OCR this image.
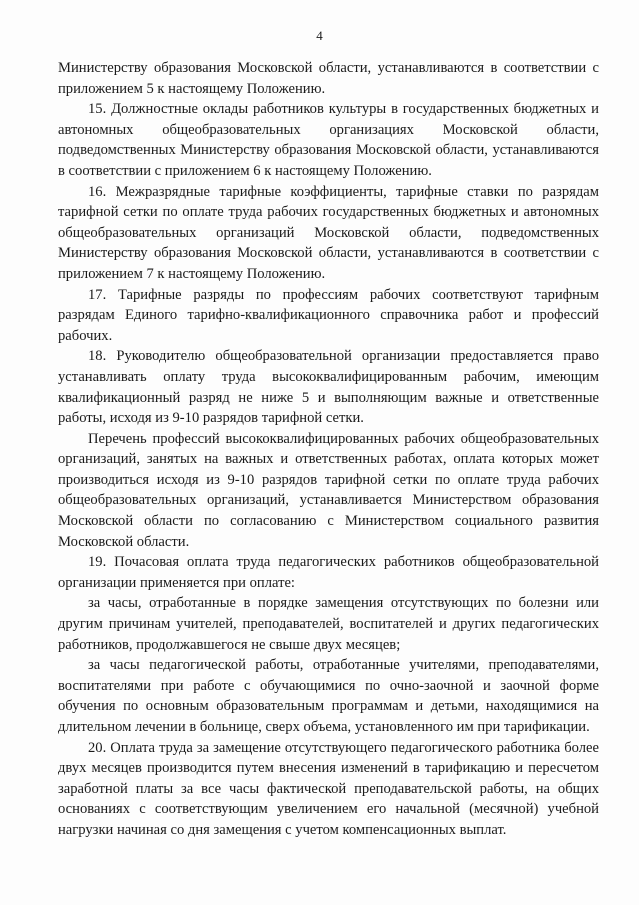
4

Министерству образования Московской области, устанавливаются в соответствии с приложением 5 к настоящему Положению.

15. Должностные оклады работников культуры в государственных бюджетных и автономных общеобразовательных организациях Московской области, подведомственных Министерству образования Московской области, устанавливаются в соответствии с приложением 6 к настоящему Положению.

16. Межразрядные тарифные коэффициенты, тарифные ставки по разрядам тарифной сетки по оплате труда рабочих государственных бюджетных и автономных общеобразовательных организаций Московской области, подведомственных Министерству образования Московской области, устанавливаются в соответствии с приложением 7 к настоящему Положению.

17. Тарифные разряды по профессиям рабочих соответствуют тарифным разрядам Единого тарифно-квалификационного справочника работ и профессий рабочих.

18. Руководителю общеобразовательной организации предоставляется право устанавливать оплату труда высококвалифицированным рабочим, имеющим квалификационный разряд не ниже 5 и выполняющим важные и ответственные работы, исходя из 9-10 разрядов тарифной сетки.

Перечень профессий высококвалифицированных рабочих общеобразовательных организаций, занятых на важных и ответственных работах, оплата которых может производиться исходя из 9-10 разрядов тарифной сетки по оплате труда рабочих общеобразовательных организаций, устанавливается Министерством образования Московской области по согласованию с Министерством социального развития Московской области.

19. Почасовая оплата труда педагогических работников общеобразовательной организации применяется при оплате:

за часы, отработанные в порядке замещения отсутствующих по болезни или другим причинам учителей, преподавателей, воспитателей и других педагогических работников, продолжавшегося не свыше двух месяцев;

за часы педагогической работы, отработанные учителями, преподавателями, воспитателями при работе с обучающимися по очно-заочной и заочной форме обучения по основным образовательным программам и детьми, находящимися на длительном лечении в больнице, сверх объема, установленного им при тарификации.

20. Оплата труда за замещение отсутствующего педагогического работника более двух месяцев производится путем внесения изменений в тарификацию и пересчетом заработной платы за все часы фактической преподавательской работы, на общих основаниях с соответствующим увеличением его начальной (месячной) учебной нагрузки начиная со дня замещения с учетом компенсационных выплат.
